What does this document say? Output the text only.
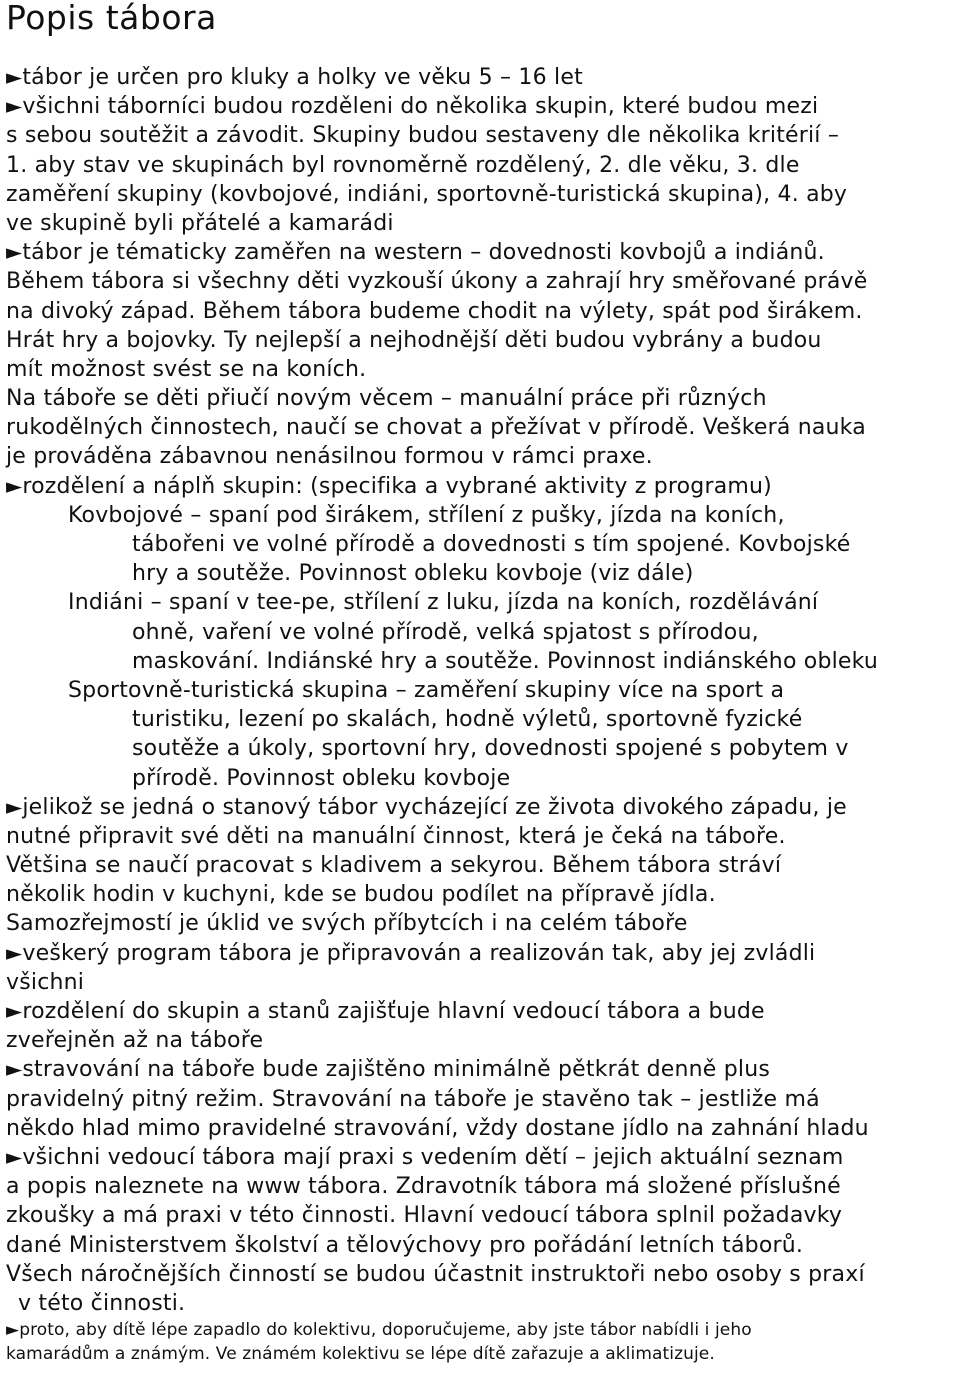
Popis tábora
►tábor je určen pro kluky a holky ve věku 5 – 16 let
►všichni táborníci budou rozděleni do několika skupin, které budou mezi
s sebou soutěžit a závodit. Skupiny budou sestaveny dle několika kritérií –
1. aby stav ve skupinách byl rovnoměrně rozdělený, 2. dle věku, 3. dle
zaměření skupiny (kovbojové, indiáni, sportovně-turistická skupina), 4. aby
ve skupině byli přátelé a kamarádi
►tábor je tématicky zaměřen na western – dovednosti kovbojů a indiánů.
Během tábora si všechny děti vyzkouší úkony a zahrají hry směřované právě
na divoký západ. Během tábora budeme chodit na výlety, spát pod širákem.
Hrát hry a bojovky. Ty nejlepší a nejhodnější děti budou vybrány a budou
mít možnost svést se na koních.
Na táboře se děti přiučí novým věcem – manuální práce při různých
rukodělných činnostech, naučí se chovat a přežívat v přírodě. Veškerá nauka
je prováděna zábavnou nenásilnou formou v rámci praxe.
►rozdělení a náplň skupin: (specifika a vybrané aktivity z programu)
Kovbojové – spaní pod širákem, střílení z pušky, jízda na koních,
tábořeni ve volné přírodě a dovednosti s tím spojené. Kovbojské
hry a soutěže. Povinnost obleku kovboje (viz dále)
Indiáni – spaní v tee-pe, střílení z luku, jízda na koních, rozdělávání
ohně, vaření ve volné přírodě, velká spjatost s přírodou,
maskování. Indiánské hry a soutěže. Povinnost indiánského obleku
Sportovně-turistická skupina – zaměření skupiny více na sport a
turistiku, lezení po skalách, hodně výletů, sportovně fyzické
soutěže a úkoly, sportovní hry, dovednosti spojené s pobytem v
přírodě. Povinnost obleku kovboje
►jelikož se jedná o stanový tábor vycházející ze života divokého západu, je
nutné připravit své děti na manuální činnost, která je čeká na táboře.
Většina se naučí pracovat s kladivem a sekyrou. Během tábora stráví
několik hodin v kuchyni, kde se budou podílet na přípravě jídla.
Samozřejmostí je úklid ve svých příbytcích i na celém táboře
►veškerý program tábora je připravován a realizován tak, aby jej zvládli
všichni
►rozdělení do skupin a stanů zajišťuje hlavní vedoucí tábora a bude
zveřejněn až na táboře
►stravování na táboře bude zajištěno minimálně pětkrát denně plus
pravidelný pitný režim. Stravování na táboře je stavěno tak – jestliže má
někdo hlad mimo pravidelné stravování, vždy dostane jídlo na zahnání hladu
►všichni vedoucí tábora mají praxi s vedením dětí – jejich aktuální seznam
a popis naleznete na www tábora. Zdravotník tábora má složené příslušné
zkoušky a má praxi v této činnosti. Hlavní vedoucí tábora splnil požadavky
dané Ministerstvem školství a tělovýchovy pro pořádání letních táborů.
Všech náročnějších činností se budou účastnit instruktoři nebo osoby s praxí
v této činnosti.
►proto, aby dítě lépe zapadlo do kolektivu, doporučujeme, aby jste tábor nabídli i jeho
kamarádům a známým. Ve známém kolektivu se lépe dítě zařazuje a aklimatizuje.
